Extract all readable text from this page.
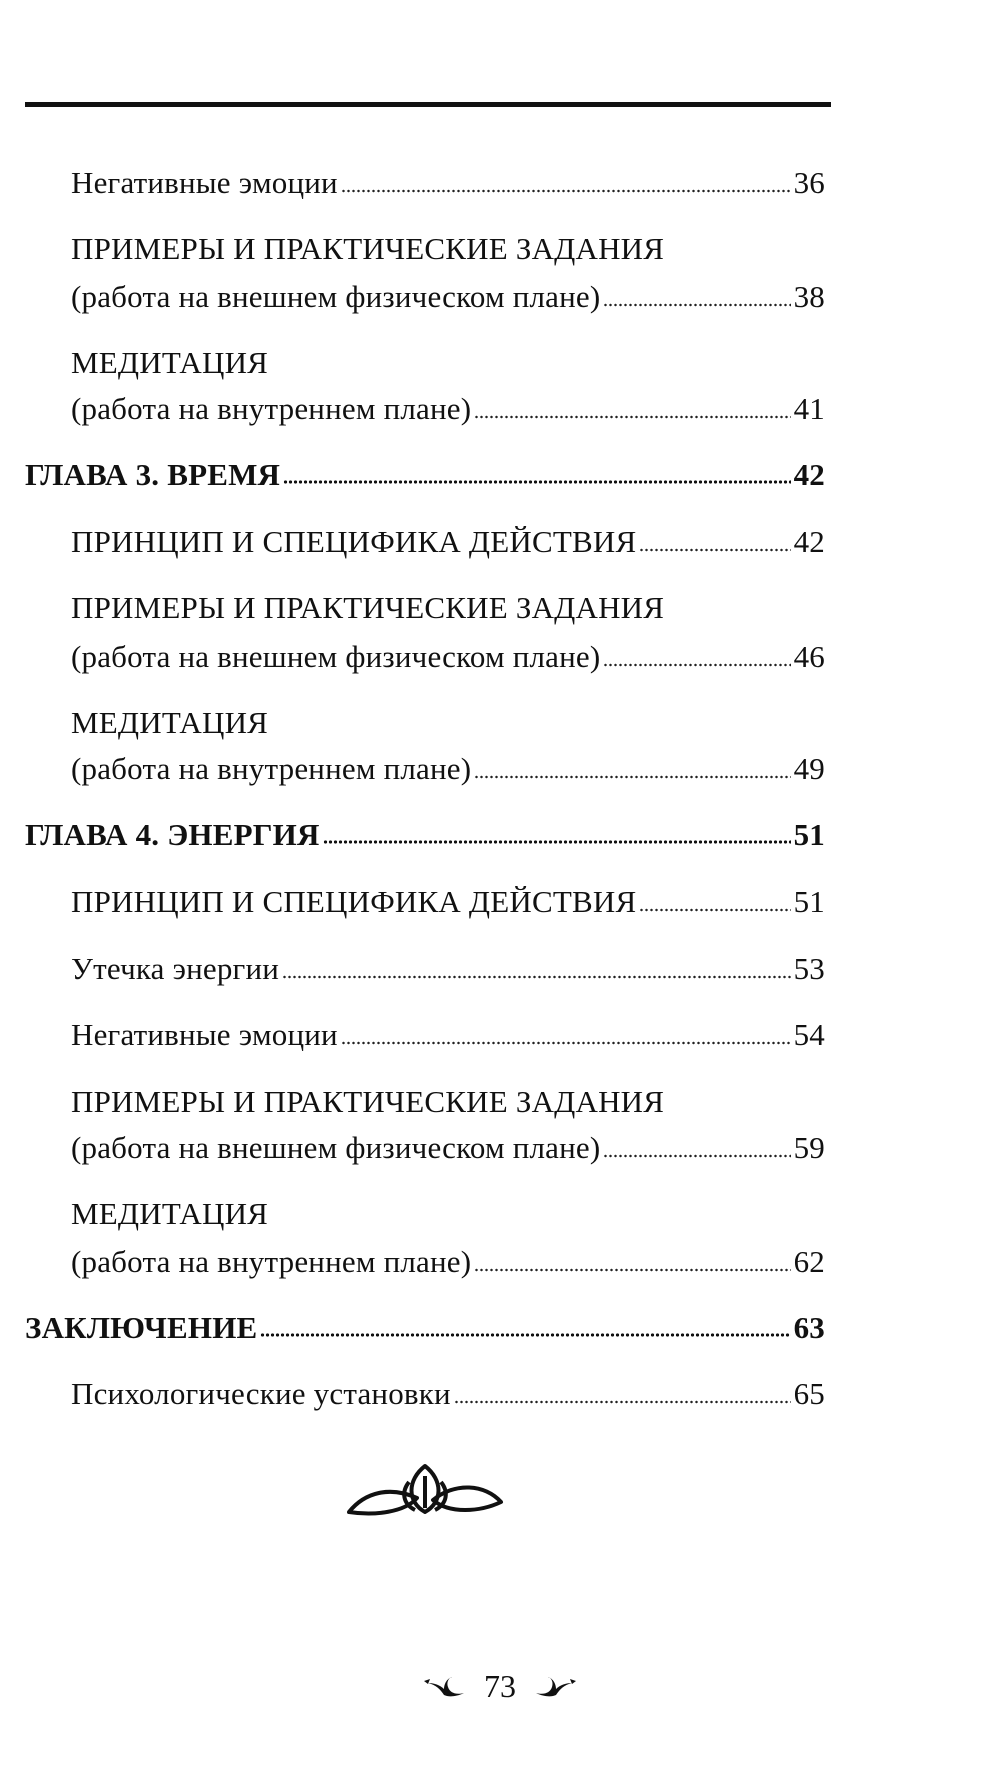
Негативные эмоции	36
ПРИМЕРЫ И ПРАКТИЧЕСКИЕ ЗАДАНИЯ
(работа на внешнем физическом плане)	38
МЕДИТАЦИЯ
(работа на внутреннем плане)	41
ГЛАВА 3. ВРЕМЯ	42
ПРИНЦИП И СПЕЦИФИКА ДЕЙСТВИЯ	42
ПРИМЕРЫ И ПРАКТИЧЕСКИЕ ЗАДАНИЯ
(работа на внешнем физическом плане)	46
МЕДИТАЦИЯ
(работа на внутреннем плане)	49
ГЛАВА 4. ЭНЕРГИЯ	51
ПРИНЦИП И СПЕЦИФИКА ДЕЙСТВИЯ	51
Утечка энергии	53
Негативные эмоции	54
ПРИМЕРЫ И ПРАКТИЧЕСКИЕ ЗАДАНИЯ
(работа на внешнем физическом плане)	59
МЕДИТАЦИЯ
(работа на внутреннем плане)	62
ЗАКЛЮЧЕНИЕ	63
Психологические установки	65
73
